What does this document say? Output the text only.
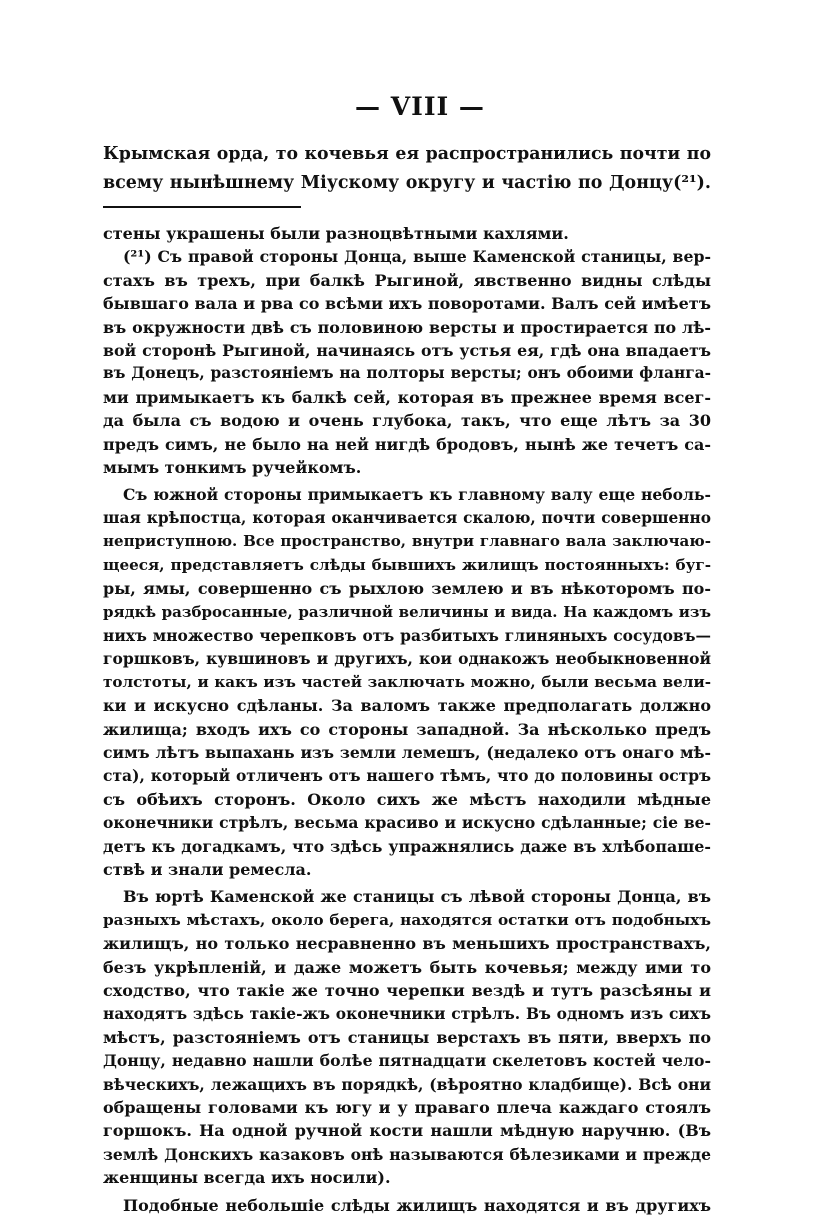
— VIII —
Крымская орда, то кочевья ея распространились почти по
всему нынѣшнему Міускому округу и частію по Донцу(²¹).
стены украшены были разноцвѣтными кахлями.
(²¹) Съ правой стороны Донца, выше Каменской станицы, вер-
стахъ въ трехъ, при балкѣ Рыгиной, явственно видны слѣды
бывшаго вала и рва со всѣми ихъ поворотами. Валъ сей имѣетъ
въ окружности двѣ съ половиною версты и простирается по лѣ-
вой сторонѣ Рыгиной, начинаясь отъ устья ея, гдѣ она впадаетъ
въ Донецъ, разстояніемъ на полторы версты; онъ обоими флангa-
ми примыкаетъ къ балкѣ сей, которая въ прежнее время всег-
да была съ водою и очень глубока, такъ, что еще лѣтъ за 30
предъ симъ, не было на ней нигдѣ бродовъ, нынѣ же течетъ са-
мымъ тонкимъ ручейкомъ.
Съ южной стороны примыкаетъ къ главному валу еще неболь-
шая крѣпостца, которая оканчивается скалою, почти совершенно
неприступною. Все пространство, внутри главнаго вала заключаю-
щееся, представляетъ слѣды бывшихъ жилищъ постоянныхъ: буг-
ры, ямы, совершенно съ рыхлою землею и въ нѣкоторомъ по-
рядкѣ разбросанные, различной величины и вида. На каждомъ изъ
нихъ множество черепковъ отъ разбитыхъ глиняныхъ сосудовъ—
горшковъ, кувшиновъ и другихъ, кои однакожъ необыкновенной
толстоты, и какъ изъ частей заключать можно, были весьма вели-
ки и искусно сдѣланы. За валомъ также предполагать должно
жилища; входъ ихъ со стороны западной. За нѣсколько предъ
симъ лѣтъ выпахань изъ земли лемешъ, (недалеко отъ онаго мѣ-
ста), который отличенъ отъ нашего тѣмъ, что до половины остръ
съ обѣихъ сторонъ. Около сихъ же мѣстъ находили мѣдные
оконечники стрѣлъ, весьма красиво и искусно сдѣланные; сіе ве-
детъ къ догадкамъ, что здѣсь упражнялись даже въ хлѣбопаше-
ствѣ и знали ремесла.
Въ юртѣ Каменской же станицы съ лѣвой стороны Донца, въ
разныхъ мѣстахъ, около берега, находятся остатки отъ подобныхъ
жилищъ, но только несравненно въ меньшихъ пространствахъ,
безъ укрѣпленій, и даже можетъ быть кочевья; между ими то
сходство, что такіе же точно черепки вездѣ и тутъ разсѣяны и
находятъ здѣсь такіе-жъ оконечники стрѣлъ. Въ одномъ изъ сихъ
мѣстъ, разстояніемъ отъ станицы верстахъ въ пяти, вверхъ по
Донцу, недавно нашли болѣе пятнадцати скелетовъ костей чело-
вѣческихъ, лежащихъ въ порядкѣ, (вѣроятно кладбище). Всѣ они
обращены головами къ югу и у праваго плеча каждаго стоялъ
горшокъ. На одной ручной кости нашли мѣдную наручню. (Въ
землѣ Донскихъ казаковъ онѣ называются бѣлезиками и прежде
женщины всегда ихъ носили).
Подобные небольшіе слѣды жилищъ находятся и въ другихъ
